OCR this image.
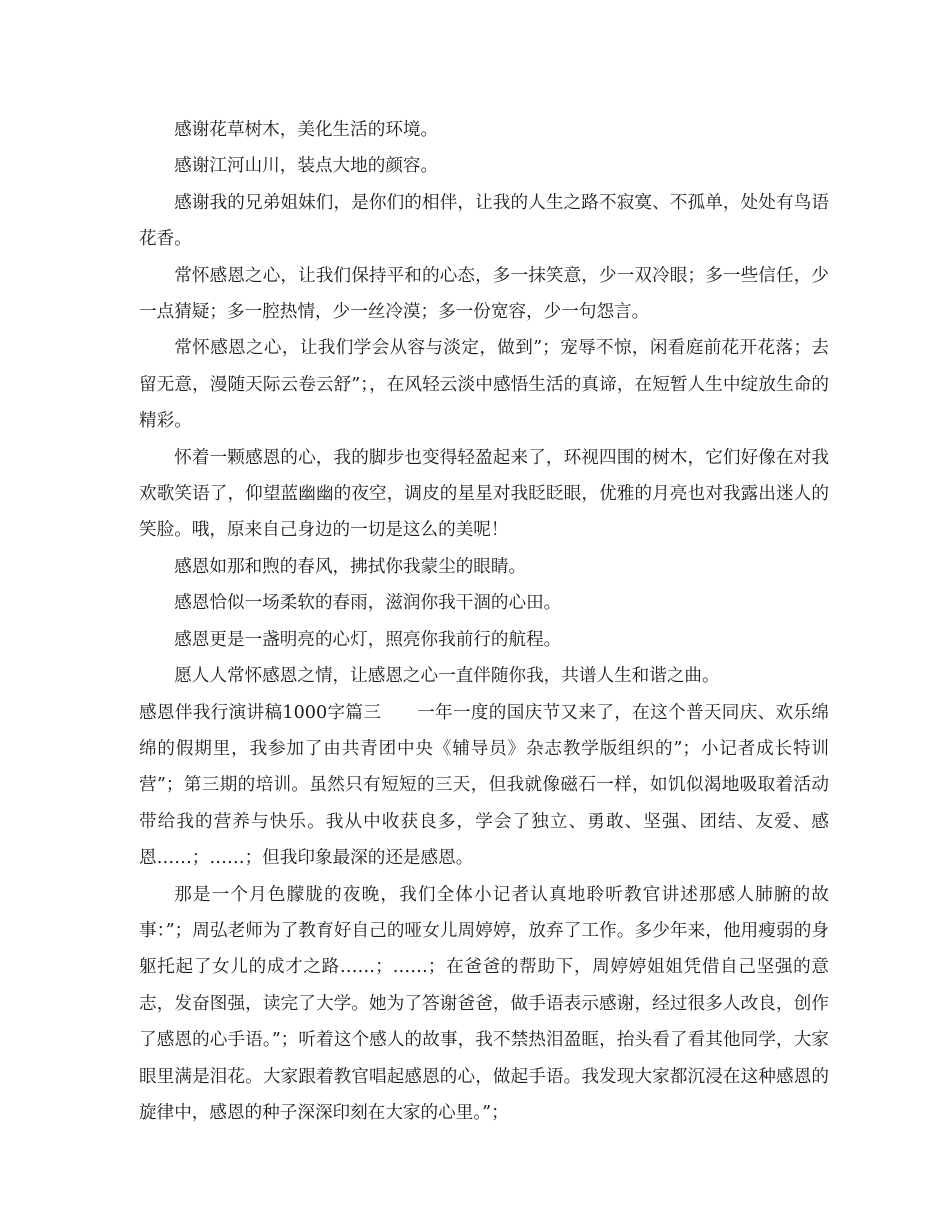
感谢花草树木，美化生活的环境。

感谢江河山川，装点大地的颜容。

感谢我的兄弟姐妹们，是你们的相伴，让我的人生之路不寂寞、不孤单，处处有鸟语花香。

常怀感恩之心，让我们保持平和的心态，多一抹笑意，少一双冷眼；多一些信任，少一点猜疑；多一腔热情，少一丝冷漠；多一份宽容，少一句怨言。

常怀感恩之心，让我们学会从容与淡定，做到”；宠辱不惊，闲看庭前花开花落；去留无意，漫随天际云卷云舒”；，在风轻云淡中感悟生活的真谛，在短暂人生中绽放生命的精彩。

怀着一颗感恩的心，我的脚步也变得轻盈起来了，环视四围的树木，它们好像在对我欢歌笑语了，仰望蓝幽幽的夜空，调皮的星星对我眨眨眼，优雅的月亮也对我露出迷人的笑脸。哦，原来自己身边的一切是这么的美呢！

感恩如那和煦的春风，拂拭你我蒙尘的眼睛。

感恩恰似一场柔软的春雨，滋润你我干涸的心田。

感恩更是一盏明亮的心灯，照亮你我前行的航程。

愿人人常怀感恩之情，让感恩之心一直伴随你我，共谱人生和谐之曲。

感恩伴我行演讲稿1000字篇三　　一年一度的国庆节又来了，在这个普天同庆、欢乐绵绵的假期里，我参加了由共青团中央《辅导员》杂志教学版组织的”；小记者成长特训营”；第三期的培训。虽然只有短短的三天，但我就像磁石一样，如饥似渴地吸取着活动带给我的营养与快乐。我从中收获良多，学会了独立、勇敢、坚强、团结、友爱、感恩……；……；但我印象最深的还是感恩。

那是一个月色朦胧的夜晚，我们全体小记者认真地聆听教官讲述那感人肺腑的故事：”；周弘老师为了教育好自己的哑女儿周婷婷，放弃了工作。多少年来，他用瘦弱的身躯托起了女儿的成才之路……；……；在爸爸的帮助下，周婷婷姐姐凭借自己坚强的意志，发奋图强，读完了大学。她为了答谢爸爸，做手语表示感谢，经过很多人改良，创作了感恩的心手语。”；听着这个感人的故事，我不禁热泪盈眶，抬头看了看其他同学，大家眼里满是泪花。大家跟着教官唱起感恩的心，做起手语。我发现大家都沉浸在这种感恩的旋律中，感恩的种子深深印刻在大家的心里。”；
